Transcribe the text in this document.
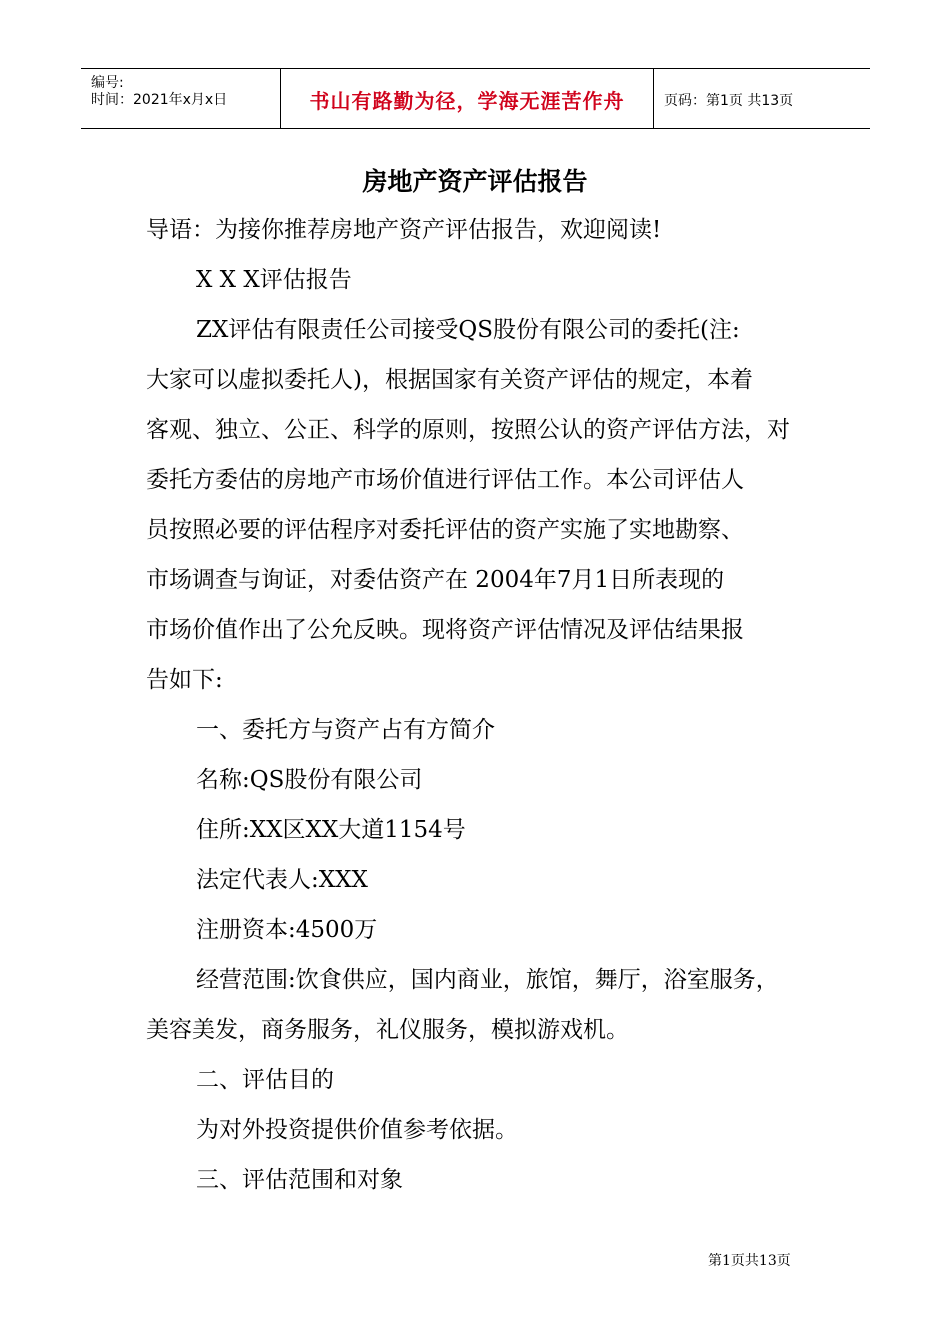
编号:
时间：2021年x月x日	书山有路勤为径，学海无涯苦作舟	页码：第1页 共13页
房地产资产评估报告

导语：为接你推荐房地产资产评估报告，欢迎阅读!

X X X评估报告

ZX评估有限责任公司接受QS股份有限公司的委托(注:

大家可以虚拟委托人)，根据国家有关资产评估的规定，本着

客观、独立、公正、科学的原则，按照公认的资产评估方法，对

委托方委估的房地产市场价值进行评估工作。本公司评估人

员按照必要的评估程序对委托评估的资产实施了实地勘察、

市场调查与询证，对委估资产在 2004年7月1日所表现的

市场价值作出了公允反映。现将资产评估情况及评估结果报

告如下:

一、委托方与资产占有方简介

名称:QS股份有限公司

住所:XX区XX大道1154号

法定代表人:XXX

注册资本:4500万

经营范围:饮食供应，国内商业，旅馆，舞厅，浴室服务，

美容美发，商务服务，礼仪服务，模拟游戏机。

二、评估目的

为对外投资提供价值参考依据。

三、评估范围和对象

第1页共13页
